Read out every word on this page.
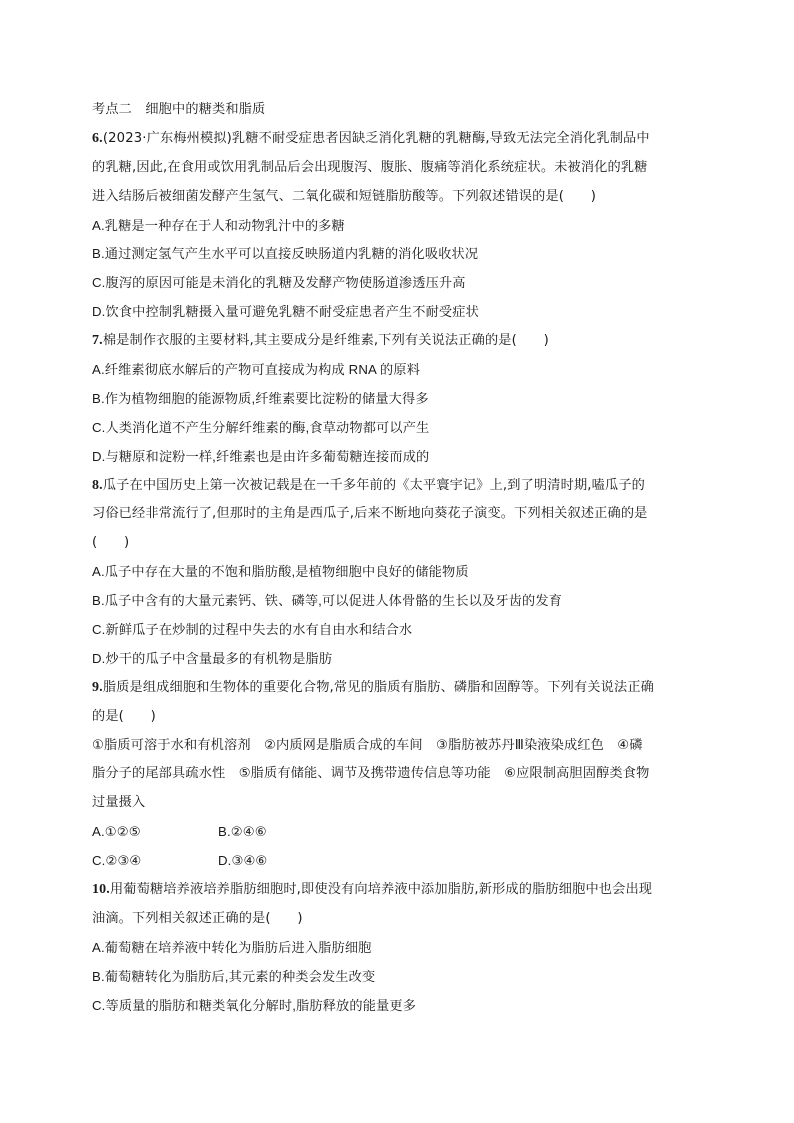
考点二　细胞中的糖类和脂质
6.(2023·广东梅州模拟)乳糖不耐受症患者因缺乏消化乳糖的乳糖酶,导致无法完全消化乳制品中
的乳糖,因此,在食用或饮用乳制品后会出现腹泻、腹胀、腹痛等消化系统症状。未被消化的乳糖
进入结肠后被细菌发酵产生氢气、二氧化碳和短链脂肪酸等。下列叙述错误的是(　　)
A.乳糖是一种存在于人和动物乳汁中的多糖
B.通过测定氢气产生水平可以直接反映肠道内乳糖的消化吸收状况
C.腹泻的原因可能是未消化的乳糖及发酵产物使肠道渗透压升高
D.饮食中控制乳糖摄入量可避免乳糖不耐受症患者产生不耐受症状
7.棉是制作衣服的主要材料,其主要成分是纤维素,下列有关说法正确的是(　　)
A.纤维素彻底水解后的产物可直接成为构成 RNA 的原料
B.作为植物细胞的能源物质,纤维素要比淀粉的储量大得多
C.人类消化道不产生分解纤维素的酶,食草动物都可以产生
D.与糖原和淀粉一样,纤维素也是由许多葡萄糖连接而成的
8.瓜子在中国历史上第一次被记载是在一千多年前的《太平寰宇记》上,到了明清时期,嗑瓜子的
习俗已经非常流行了,但那时的主角是西瓜子,后来不断地向葵花子演变。下列相关叙述正确的是
(　　)
A.瓜子中存在大量的不饱和脂肪酸,是植物细胞中良好的储能物质
B.瓜子中含有的大量元素钙、铁、磷等,可以促进人体骨骼的生长以及牙齿的发育
C.新鲜瓜子在炒制的过程中失去的水有自由水和结合水
D.炒干的瓜子中含量最多的有机物是脂肪
9.脂质是组成细胞和生物体的重要化合物,常见的脂质有脂肪、磷脂和固醇等。下列有关说法正确
的是(　　)
①脂质可溶于水和有机溶剂　②内质网是脂质合成的车间　③脂肪被苏丹Ⅲ染液染成红色　④磷
脂分子的尾部具疏水性　⑤脂质有储能、调节及携带遗传信息等功能　⑥应限制高胆固醇类食物
过量摄入
A.①②⑤	B.②④⑥
C.②③④	D.③④⑥
10.用葡萄糖培养液培养脂肪细胞时,即使没有向培养液中添加脂肪,新形成的脂肪细胞中也会出现
油滴。下列相关叙述正确的是(　　)
A.葡萄糖在培养液中转化为脂肪后进入脂肪细胞
B.葡萄糖转化为脂肪后,其元素的种类会发生改变
C.等质量的脂肪和糖类氧化分解时,脂肪释放的能量更多
